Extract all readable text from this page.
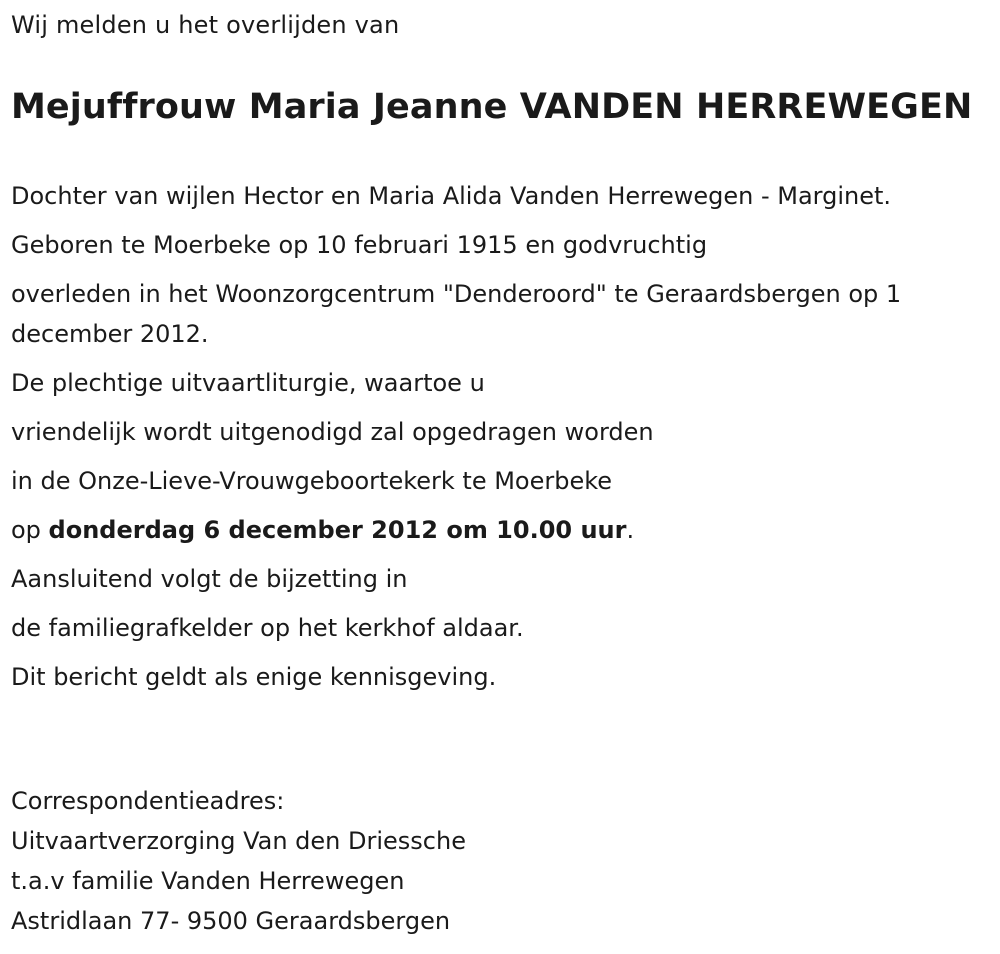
Wij melden u het overlijden van
Mejuffrouw Maria Jeanne VANDEN HERREWEGEN

Dochter van wijlen Hector en Maria Alida Vanden Herrewegen - Marginet.

Geboren te Moerbeke op 10 februari 1915 en godvruchtig

overleden in het Woonzorgcentrum "Denderoord" te Geraardsbergen op 1 december 2012.

De plechtige uitvaartliturgie, waartoe u

vriendelijk wordt uitgenodigd zal opgedragen worden

in de Onze-Lieve-Vrouwgeboortekerk te Moerbeke

op donderdag 6 december 2012 om 10.00 uur.

Aansluitend volgt de bijzetting in

de familiegrafkelder op het kerkhof aldaar.

Dit bericht geldt als enige kennisgeving.

Correspondentieadres:
Uitvaartverzorging Van den Driessche
t.a.v familie Vanden Herrewegen
Astridlaan 77- 9500 Geraardsbergen
